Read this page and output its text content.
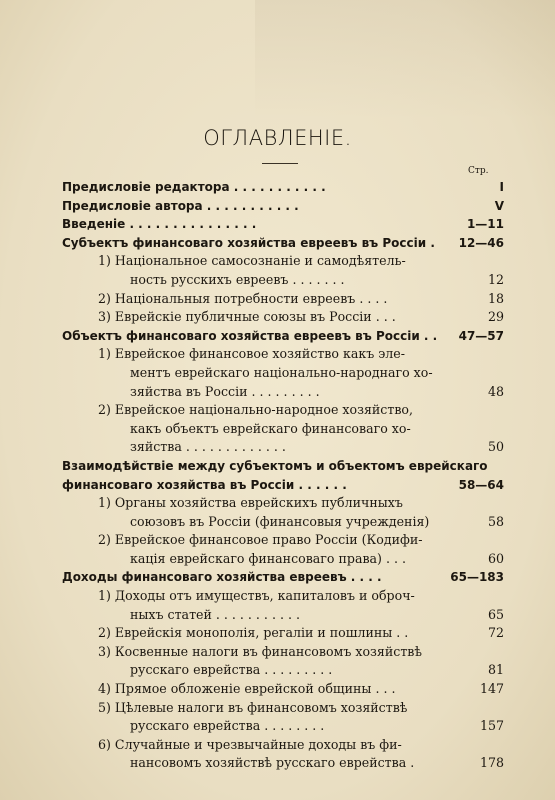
ОГЛАВЛЕНIЕ.
Стр.
Предисловіе редактора . . . . . . . . . . .	I
Предисловіе автора . . . . . . . . . . .	V
Введеніе . . . . . . . . . . . . . . .	1—11
Субъектъ финансоваго хозяйства евреевъ въ Россіи . 12—46
1) Національное самосознаніе и самодѣятель-
ность русскихъ евреевъ . . . . . . .	12
2) Національныя потребности евреевъ . . . .	18
3) Еврейскіе публичные союзы въ Россіи . . .	29
Объектъ финансоваго хозяйства евреевъ въ Россіи . . 47—57
1) Еврейское финансовое хозяйство какъ эле-
ментъ еврейскаго національно-народнаго хо-
зяйства въ Россіи . . . . . . . . .	48
2) Еврейское національно-народное хозяйство,
какъ объектъ еврейскаго финансоваго хо-
зяйства . . . . . . . . . . . . .	50
Взаимодѣйствіе между субъектомъ и объектомъ еврейскаго
финансоваго хозяйства въ Россіи . . . . . .	58—64
1) Органы хозяйства еврейскихъ публичныхъ
союзовъ въ Россіи (финансовыя учрежденія)	58
2) Еврейское финансовое право Россіи (Кодифи-
кація еврейскаго финансоваго права) . . .	60
Доходы финансоваго хозяйства евреевъ . . . .	65—183
1) Доходы отъ имуществъ, капиталовъ и оброч-
ныхъ статей . . . . . . . . . . .	65
2) Еврейскія монополія, регаліи и пошлины . .	72
3) Косвенные налоги въ финансовомъ хозяйствѣ
русскаго еврейства . . . . . . . . .	81
4) Прямое обложеніе еврейской общины . . .	147
5) Цѣлевые налоги въ финансовомъ хозяйствѣ
русскаго еврейства . . . . . . . .	157
6) Случайные и чрезвычайные доходы въ фи-
нансовомъ хозяйствѣ русскаго еврейства .	178
